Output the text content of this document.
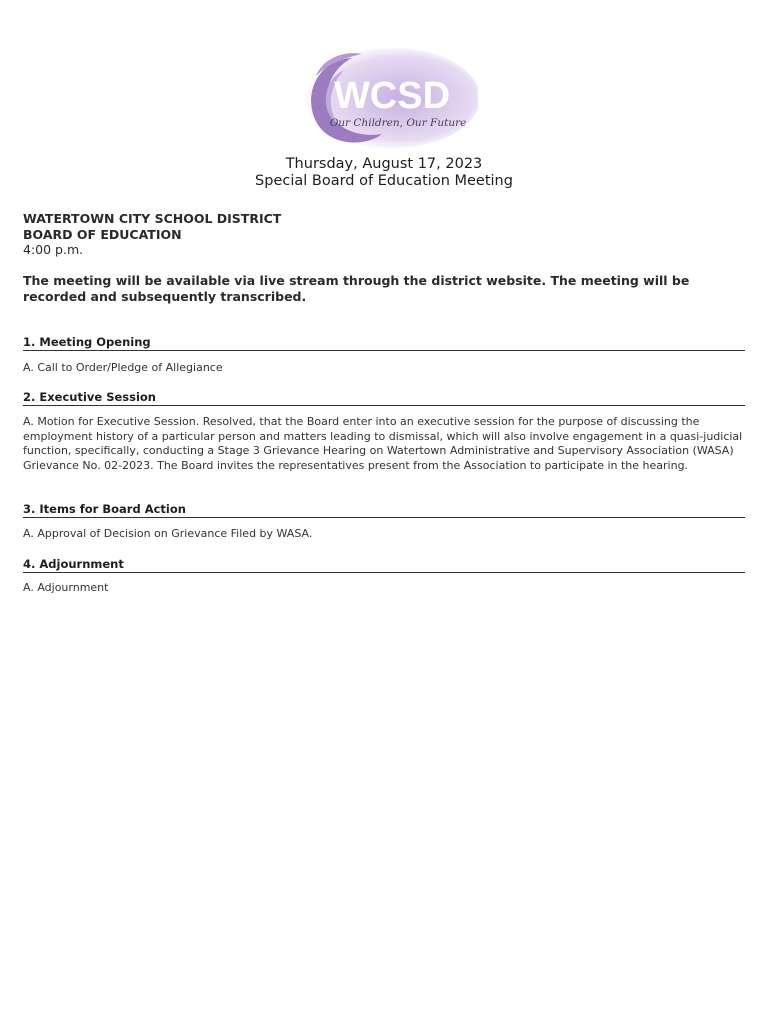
WCSD
Our Children, Our Future
Thursday, August 17, 2023
Special Board of Education Meeting
WATERTOWN CITY SCHOOL DISTRICT
BOARD OF EDUCATION
4:00 p.m.
The meeting will be available via live stream through the district website. The meeting will be recorded and subsequently transcribed.
1. Meeting Opening
A. Call to Order/Pledge of Allegiance
2. Executive Session
A. Motion for Executive Session. Resolved, that the Board enter into an executive session for the purpose of discussing the employment history of a particular person and matters leading to dismissal, which will also involve engagement in a quasi-judicial function, specifically, conducting a Stage 3 Grievance Hearing on Watertown Administrative and Supervisory Association (WASA) Grievance No. 02-2023. The Board invites the representatives present from the Association to participate in the hearing.
3. Items for Board Action
A. Approval of Decision on Grievance Filed by WASA.
4. Adjournment
A. Adjournment
